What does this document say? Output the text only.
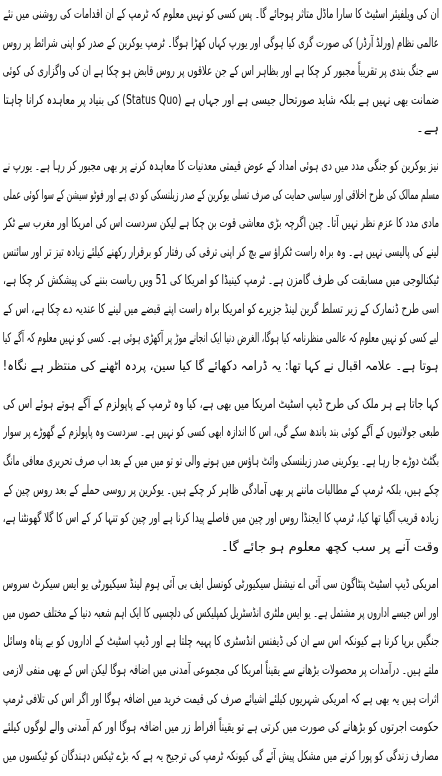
ان کی ویلفیئر اسٹیٹ کا سارا ماڈل متاثر ہوجائے گا۔ پس کسی کو نہیں معلوم کہ ٹرمپ کے ان اقدامات کی روشنی میں نئے
عالمی نظام (ورلڈ آرڈر) کی صورت گری کیا ہوگی اور یورپ کہاں کھڑا ہوگا۔ ٹرمپ یوکرین کے صدر کو اپنی شرائط پر روس
سے جنگ بندی پر تقریباً مجبور کر چکا ہے اور بظاہر اس کے جن علاقوں پر روس قابض ہو چکا ہے ان کی واگزاری کی کوئی
ضمانت بھی نہیں ہے بلکہ شاید صورتحال جیسی ہے اور جہاں ہے (Status Quo) کی بنیاد پر معاہدہ کرانا چاہتا
ہے۔
نیز یوکرین کو جنگی مدد میں دی ہوئی امداد کے عوض قیمتی معدنیات کا معاہدہ کرنے پر بھی مجبور کر رہا ہے۔ یورپ نے
مسلم ممالک کی طرح اخلاقی اور سیاسی حمایت کی صرف تسلی یوکرین کے صدر زیلنسکی کو دی ہے اور فوٹو سیشن کے سوا کوئی عملی
مادی مدد کا عزم نظر نہیں آتا۔ چین اگرچہ بڑی معاشی قوت بن چکا ہے لیکن سردست اس کی امریکا اور مغرب سے ٹکر
لینے کی پالیسی نہیں ہے۔ وہ براہ راست ٹکراؤ سے بچ کر اپنی ترقی کی رفتار کو برقرار رکھنے کیلئے زیادہ تیز تر اور سائنس
ٹیکنالوجی میں مسابقت کی طرف گامزن ہے۔ ٹرمپ کینیڈا کو امریکا کی 51 ویں ریاست بننے کی پیشکش کر چکا ہے،
اسی طرح ڈنمارک کے زیر تسلط گرین لینڈ جزیرے کو امریکا براہ راست اپنے قبضے میں لینے کا عندیہ دے چکا ہے، اس کے
لیے کسی کو نہیں معلوم کہ عالمی منظرنامہ کیا ہوگا، الغرض دنیا ایک انجانے موڑ پر آکھڑی ہوئی ہے۔ کسی کو نہیں معلوم کہ آگے کیا
ہوتا ہے۔ علامہ اقبال نے کہا تھا: یہ ڈرامہ دکھائے گا کیا سین، پردہ اٹھنے کی منتظر ہے نگاہ!
کہا جاتا ہے ہر ملک کی طرح ڈیپ اسٹیٹ امریکا میں بھی ہے، کیا وہ ٹرمپ کے پاپولزم کے آگے ہوتے ہوئے اس کی
طبعی جولانیوں کے آگے کوئی بند باندھ سکے گی، اس کا اندازہ ابھی کسی کو نہیں ہے۔ سردست وہ پاپولزم کے گھوڑے پر سوار
بگٹٹ دوڑے جا رہا ہے۔ یوکرینی صدر زیلنسکی وائٹ ہاؤس میں ہونے والی تو تو میں میں کے بعد اب صرف تحریری معافی مانگ
چکے ہیں، بلکہ ٹرمپ کے مطالبات ماننے پر بھی آمادگی ظاہر کر چکے ہیں۔ یوکرین پر روسی حملے کے بعد روس چین کے
زیادہ قریب آگیا تھا کیا، ٹرمپ کا ایجنڈا روس اور چین میں فاصلے پیدا کرنا ہے اور چین کو تنہا کر کے اس کا گلا گھونٹنا ہے،
وقت آنے پر سب کچھ معلوم ہو جائے گا۔
امریکی ڈیپ اسٹیٹ پنٹاگون سی آئی اے نیشنل سیکیورٹی کونسل ایف بی آئی ہوم لینڈ سیکیورٹی یو ایس سیکرٹ سروس
اور اس جیسے اداروں پر مشتمل ہے۔ یو ایس ملٹری انڈسٹریل کمپلیکس کی دلچسپی کا ایک اہم شعبہ دنیا کے مختلف حصوں میں
جنگیں برپا کرنا ہے کیونکہ اس سے ان کی ڈیفنس انڈسٹری کا پہیہ چلتا ہے اور ڈیپ اسٹیٹ کے اداروں کو بے پناہ وسائل
ملتے ہیں۔ درآمدات پر محصولات بڑھانے سے یقیناً امریکا کی مجموعی آمدنی میں اضافہ ہوگا لیکن اس کے بھی منفی لازمی
اثرات ہیں یہ بھی ہے کہ امریکی شہریوں کیلئے اشیائے صرف کی قیمت خرید میں اضافہ ہوگا اور اگر اس کی تلافی ٹرمپ
حکومت اجرتوں کو بڑھانے کی صورت میں کرتی ہے تو یقیناً افراط زر میں اضافہ ہوگا اور کم آمدنی والے لوگوں کیلئے
مصارف زندگی کو پورا کرنے میں مشکل پیش آئے گی کیونکہ ٹرمپ کی ترجیح یہ ہے کہ بڑے ٹیکس دہندگان کو ٹیکسوں میں
